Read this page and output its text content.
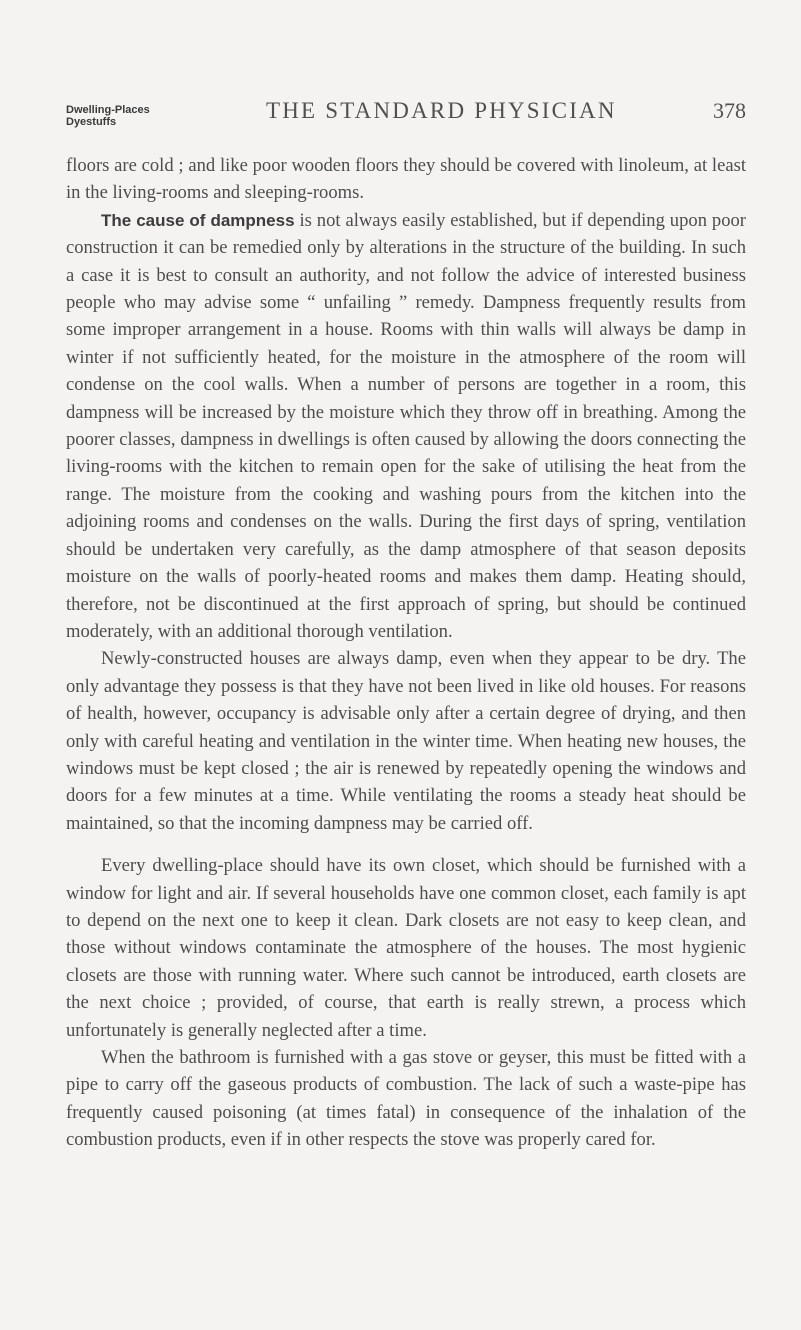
Dwelling-Places
Dyestuffs	THE STANDARD PHYSICIAN	378

floors are cold ; and like poor wooden floors they should be covered with linoleum, at least in the living-rooms and sleeping-rooms.

The cause of dampness is not always easily established, but if depending upon poor construction it can be remedied only by alterations in the structure of the building. In such a case it is best to consult an authority, and not follow the advice of interested business people who may advise some “ unfailing ” remedy. Dampness frequently results from some improper arrangement in a house. Rooms with thin walls will always be damp in winter if not sufficiently heated, for the moisture in the atmosphere of the room will condense on the cool walls. When a number of persons are together in a room, this dampness will be increased by the moisture which they throw off in breathing. Among the poorer classes, dampness in dwellings is often caused by allowing the doors connecting the living-rooms with the kitchen to remain open for the sake of utilising the heat from the range. The moisture from the cooking and washing pours from the kitchen into the adjoining rooms and condenses on the walls. During the first days of spring, ventilation should be undertaken very carefully, as the damp atmosphere of that season deposits moisture on the walls of poorly-heated rooms and makes them damp. Heating should, therefore, not be discontinued at the first approach of spring, but should be continued moderately, with an additional thorough ventilation.

Newly-constructed houses are always damp, even when they appear to be dry. The only advantage they possess is that they have not been lived in like old houses. For reasons of health, however, occupancy is advisable only after a certain degree of drying, and then only with careful heating and ventilation in the winter time. When heating new houses, the windows must be kept closed ; the air is renewed by repeatedly opening the windows and doors for a few minutes at a time. While ventilating the rooms a steady heat should be maintained, so that the incoming dampness may be carried off.

Every dwelling-place should have its own closet, which should be furnished with a window for light and air. If several households have one common closet, each family is apt to depend on the next one to keep it clean. Dark closets are not easy to keep clean, and those without windows contaminate the atmosphere of the houses. The most hygienic closets are those with running water. Where such cannot be introduced, earth closets are the next choice ; provided, of course, that earth is really strewn, a process which unfortunately is generally neglected after a time.

When the bathroom is furnished with a gas stove or geyser, this must be fitted with a pipe to carry off the gaseous products of combustion. The lack of such a waste-pipe has frequently caused poisoning (at times fatal) in consequence of the inhalation of the combustion products, even if in other respects the stove was properly cared for.
